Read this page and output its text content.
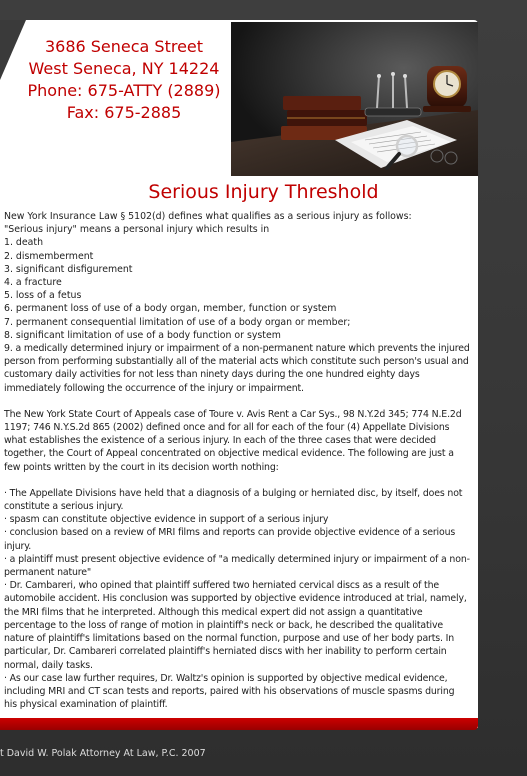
3686 Seneca Street
West Seneca, NY 14224
Phone: 675-ATTY (2889)
Fax: 675-2885
Serious Injury Threshold

New York Insurance Law § 5102(d) defines what qualifies as a serious injury as follows:

"Serious injury" means a personal injury which results in

1. death

2. dismemberment

3. significant disfigurement

4. a fracture

5. loss of a fetus

6. permanent loss of use of a body organ, member, function or system

7. permanent consequential limitation of use of a body organ or member;

8. significant limitation of use of a body function or system

9. a medically determined injury or impairment of a non-permanent nature which prevents the injured person from performing substantially all of the material acts which constitute such person's usual and customary daily activities for not less than ninety days during the one hundred eighty days immediately following the occurrence of the injury or impairment.

The New York State Court of Appeals case of Toure v. Avis Rent a Car Sys., 98 N.Y.2d 345; 774 N.E.2d 1197; 746 N.Y.S.2d 865 (2002) defined once and for all for each of the four (4) Appellate Divisions what establishes the existence of a serious injury. In each of the three cases that were decided together, the Court of Appeal concentrated on objective medical evidence. The following are just a few points written by the court in its decision worth nothing:

· The Appellate Divisions have held that a diagnosis of a bulging or herniated disc, by itself, does not constitute a serious injury.

· spasm can constitute objective evidence in support of a serious injury

· conclusion based on a review of MRI films and reports can provide objective evidence of a serious injury.

· a plaintiff must present objective evidence of "a medically determined injury or impairment of a non-permanent nature"

· Dr. Cambareri, who opined that plaintiff suffered two herniated cervical discs as a result of the automobile accident. His conclusion was supported by objective evidence introduced at trial, namely, the MRI films that he interpreted. Although this medical expert did not assign a quantitative percentage to the loss of range of motion in plaintiff's neck or back, he described the qualitative nature of plaintiff's limitations based on the normal function, purpose and use of her body parts. In particular, Dr. Cambareri correlated plaintiff's herniated discs with her inability to perform certain normal, daily tasks.

· As our case law further requires, Dr. Waltz's opinion is supported by objective medical evidence, including MRI and CT scan tests and reports, paired with his observations of muscle spasms during his physical examination of plaintiff.

t David W. Polak Attorney At Law, P.C. 2007
